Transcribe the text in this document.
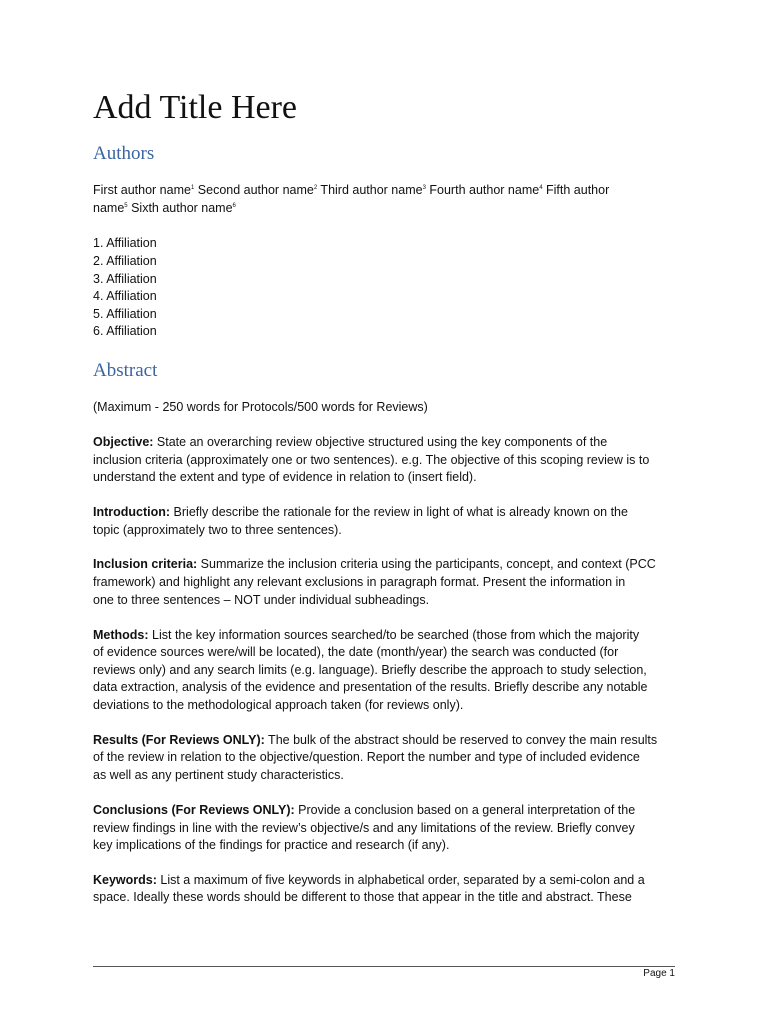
Add Title Here
Authors
First author name$^1$ Second author name$^2$ Third author name$^3$ Fourth author name$^4$ Fifth author
name$^5$ Sixth author name$^6$
1. Affiliation
2. Affiliation
3. Affiliation
4. Affiliation
5. Affiliation
6. Affiliation
Abstract
(Maximum - 250 words for Protocols/500 words for Reviews)
Objective: State an overarching review objective structured using the key components of the
inclusion criteria (approximately one or two sentences). e.g. The objective of this scoping review is to
understand the extent and type of evidence in relation to (insert field).
Introduction: Briefly describe the rationale for the review in light of what is already known on the
topic (approximately two to three sentences).
Inclusion criteria: Summarize the inclusion criteria using the participants, concept, and context (PCC
framework) and highlight any relevant exclusions in paragraph format. Present the information in
one to three sentences – NOT under individual subheadings.
Methods: List the key information sources searched/to be searched (those from which the majority
of evidence sources were/will be located), the date (month/year) the search was conducted (for
reviews only) and any search limits (e.g. language). Briefly describe the approach to study selection,
data extraction, analysis of the evidence and presentation of the results. Briefly describe any notable
deviations to the methodological approach taken (for reviews only).
Results (For Reviews ONLY): The bulk of the abstract should be reserved to convey the main results
of the review in relation to the objective/question. Report the number and type of included evidence
as well as any pertinent study characteristics.
Conclusions (For Reviews ONLY): Provide a conclusion based on a general interpretation of the
review findings in line with the review’s objective/s and any limitations of the review. Briefly convey
key implications of the findings for practice and research (if any).
Keywords: List a maximum of five keywords in alphabetical order, separated by a semi-colon and a
space. Ideally these words should be different to those that appear in the title and abstract. These
Page 1
